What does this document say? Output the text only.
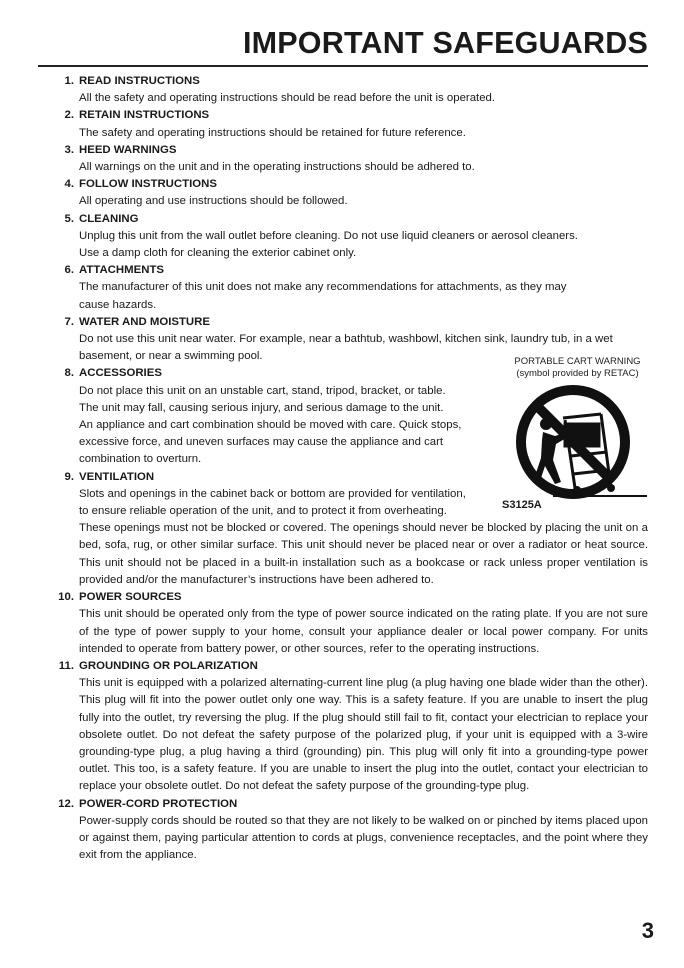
IMPORTANT SAFEGUARDS
1. READ INSTRUCTIONS
All the safety and operating instructions should be read before the unit is operated.
2. RETAIN INSTRUCTIONS
The safety and operating instructions should be retained for future reference.
3. HEED WARNINGS
All warnings on the unit and in the operating instructions should be adhered to.
4. FOLLOW INSTRUCTIONS
All operating and use instructions should be followed.
5. CLEANING
Unplug this unit from the wall outlet before cleaning. Do not use liquid cleaners or aerosol cleaners.
Use a damp cloth for cleaning the exterior cabinet only.
6. ATTACHMENTS
The manufacturer of this unit does not make any recommendations for attachments, as they may cause hazards.
7. WATER AND MOISTURE
Do not use this unit near water. For example, near a bathtub, washbowl, kitchen sink, laundry tub, in a wet
basement, or near a swimming pool.
8. ACCESSORIES
Do not place this unit on an unstable cart, stand, tripod, bracket, or table.
The unit may fall, causing serious injury, and serious damage to the unit.
An appliance and cart combination should be moved with care. Quick stops,
excessive force, and uneven surfaces may cause the appliance and cart
combination to overturn.
9. VENTILATION
Slots and openings in the cabinet back or bottom are provided for ventilation,
to ensure reliable operation of the unit, and to protect it from overheating.
These openings must not be blocked or covered. The openings should never be blocked by placing the unit on a bed, sofa, rug, or other similar surface. This unit should never be placed near or over a radiator or heat source. This unit should not be placed in a built-in installation such as a bookcase or rack unless proper ventilation is provided and/or the manufacturer’s instructions have been adhered to.
10. POWER SOURCES
This unit should be operated only from the type of power source indicated on the rating plate. If you are not sure of the type of power supply to your home, consult your appliance dealer or local power company. For units intended to operate from battery power, or other sources, refer to the operating instructions.
11. GROUNDING OR POLARIZATION
This unit is equipped with a polarized alternating-current line plug (a plug having one blade wider than the other). This plug will fit into the power outlet only one way. This is a safety feature. If you are unable to insert the plug fully into the outlet, try reversing the plug. If the plug should still fail to fit, contact your electrician to replace your obsolete outlet. Do not defeat the safety purpose of the polarized plug, if your unit is equipped with a 3-wire grounding-type plug, a plug having a third (grounding) pin. This plug will only fit into a grounding-type power outlet. This too, is a safety feature. If you are unable to insert the plug into the outlet, contact your electrician to replace your obsolete outlet. Do not defeat the safety purpose of the grounding-type plug.
12. POWER-CORD PROTECTION
Power-supply cords should be routed so that they are not likely to be walked on or pinched by items placed upon or against them, paying particular attention to cords at plugs, convenience receptacles, and the point where they exit from the appliance.
PORTABLE CART WARNING
(symbol provided by RETAC)
S3125A
3
